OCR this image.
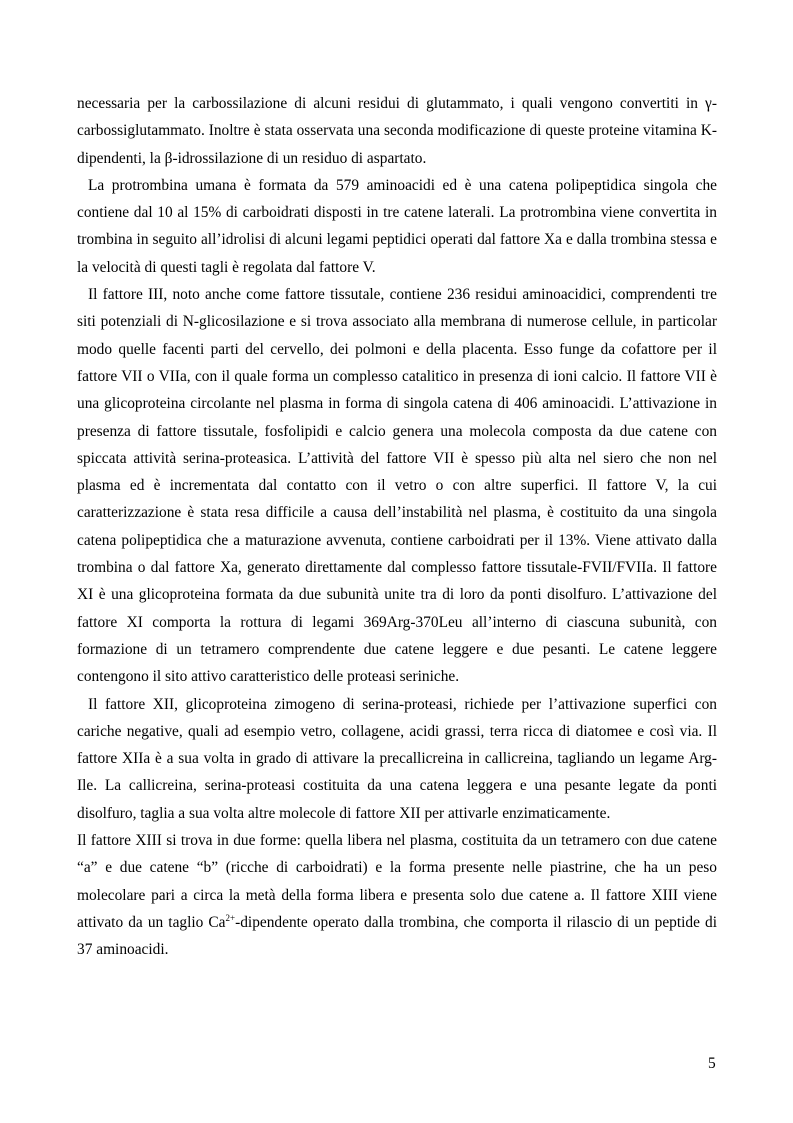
necessaria per la carbossilazione di alcuni residui di glutammato, i quali vengono convertiti in γ-carbossiglutammato. Inoltre è stata osservata una seconda modificazione di queste proteine vitamina K-dipendenti, la β-idrossilazione di un residuo di aspartato.

La protrombina umana è formata da 579 aminoacidi ed è una catena polipeptidica singola che contiene dal 10 al 15% di carboidrati disposti in tre catene laterali. La protrombina viene convertita in trombina in seguito all’idrolisi di alcuni legami peptidici operati dal fattore Xa e dalla trombina stessa e la velocità di questi tagli è regolata dal fattore V.

Il fattore III, noto anche come fattore tissutale, contiene 236 residui aminoacidici, comprendenti tre siti potenziali di N-glicosilazione e si trova associato alla membrana di numerose cellule, in particolar modo quelle facenti parti del cervello, dei polmoni e della placenta. Esso funge da cofattore per il fattore VII o VIIa, con il quale forma un complesso catalitico in presenza di ioni calcio. Il fattore VII è una glicoproteina circolante nel plasma in forma di singola catena di 406 aminoacidi. L’attivazione in presenza di fattore tissutale, fosfolipidi e calcio genera una molecola composta da due catene con spiccata attività serina-proteasica. L’attività del fattore VII è spesso più alta nel siero che non nel plasma ed è incrementata dal contatto con il vetro o con altre superfici. Il fattore V, la cui caratterizzazione è stata resa difficile a causa dell’instabilità nel plasma, è costituito da una singola catena polipeptidica che a maturazione avvenuta, contiene carboidrati per il 13%. Viene attivato dalla trombina o dal fattore Xa, generato direttamente dal complesso fattore tissutale-FVII/FVIIa. Il fattore XI è una glicoproteina formata da due subunità unite tra di loro da ponti disolfuro. L’attivazione del fattore XI comporta la rottura di legami 369Arg-370Leu all’interno di ciascuna subunità, con formazione di un tetramero comprendente due catene leggere e due pesanti. Le catene leggere contengono il sito attivo caratteristico delle proteasi seriniche.

Il fattore XII, glicoproteina zimogeno di serina-proteasi, richiede per l’attivazione superfici con cariche negative, quali ad esempio vetro, collagene, acidi grassi, terra ricca di diatomee e così via. Il fattore XIIa è a sua volta in grado di attivare la precallicreina in callicreina, tagliando un legame Arg-Ile. La callicreina, serina-proteasi costituita da una catena leggera e una pesante legate da ponti disolfuro, taglia a sua volta altre molecole di fattore XII per attivarle enzimaticamente.

Il fattore XIII si trova in due forme: quella libera nel plasma, costituita da un tetramero con due catene “a” e due catene “b” (ricche di carboidrati) e la forma presente nelle piastrine, che ha un peso molecolare pari a circa la metà della forma libera e presenta solo due catene a. Il fattore XIII viene attivato da un taglio $Ca^{2+}$-dipendente operato dalla trombina, che comporta il rilascio di un peptide di 37 aminoacidi.

5
